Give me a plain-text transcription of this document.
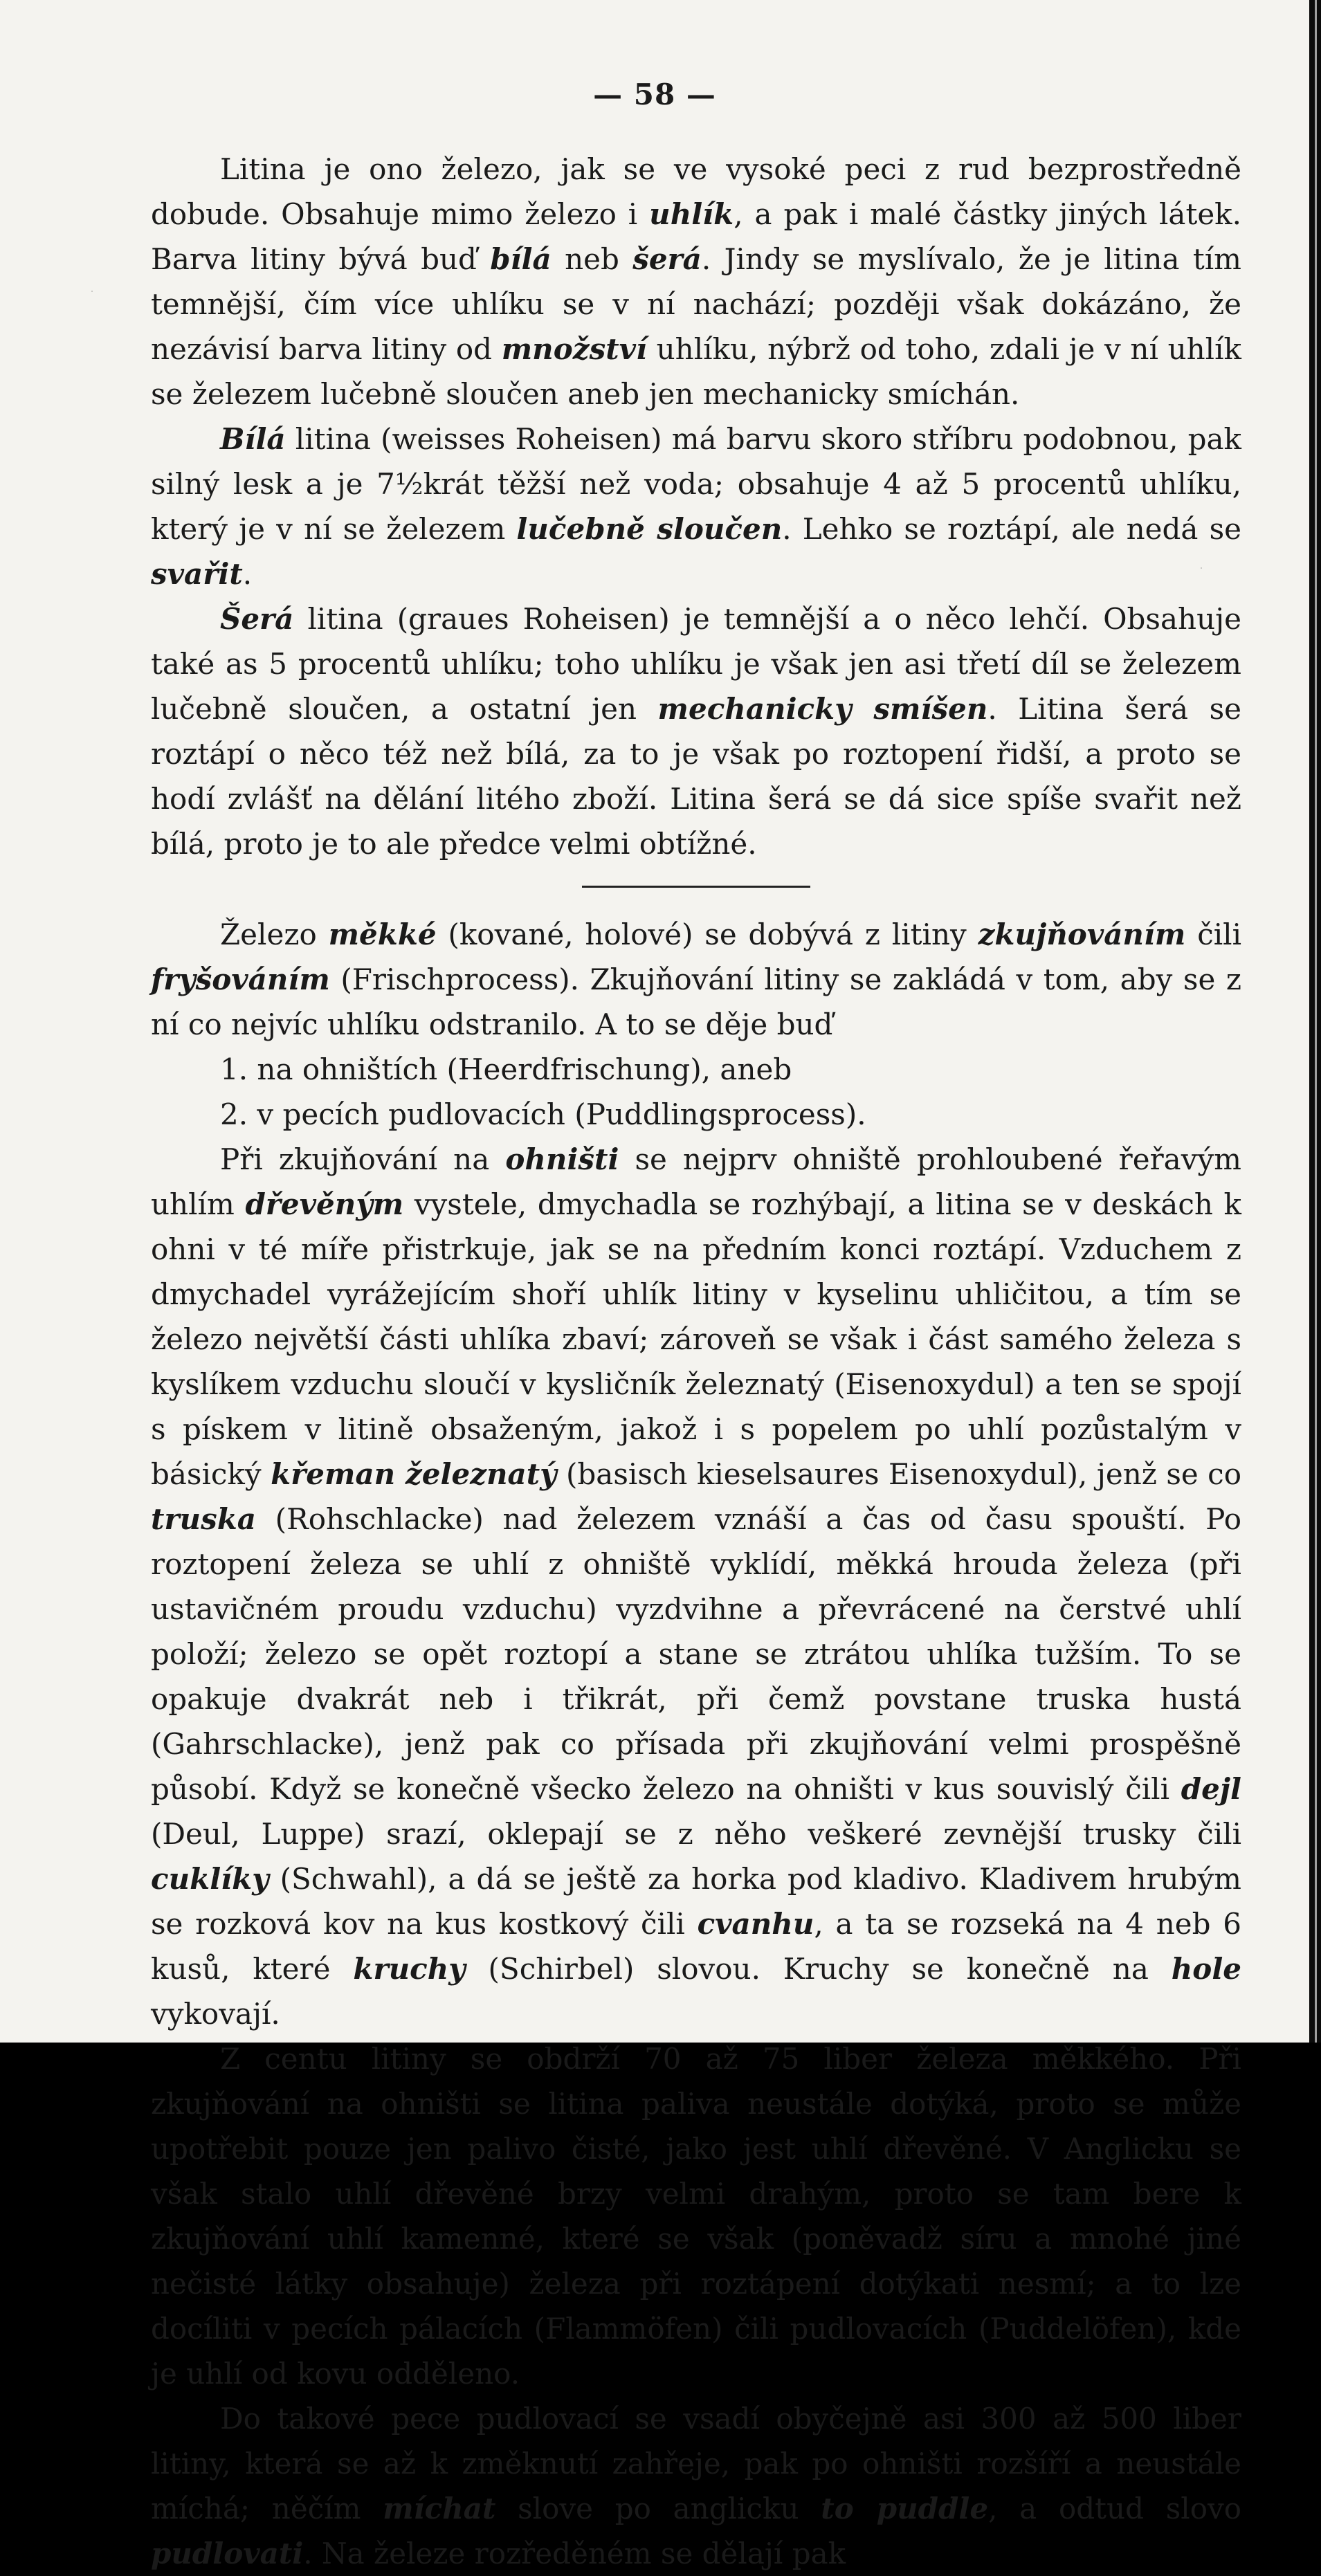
— 58 —

Litina je ono železo, jak se ve vysoké peci z rud bezprostředně dobude. Obsahuje mimo železo i uhlík, a pak i malé částky jiných látek. Barva litiny bývá buď bílá neb šerá. Jindy se myslívalo, že je litina tím temnější, čím více uhlíku se v ní nachází; později však dokázáno, že nezávisí barva litiny od množství uhlíku, nýbrž od toho, zdali je v ní uhlík se železem lučebně sloučen aneb jen mechanicky smíchán.

Bílá litina (weisses Roheisen) má barvu skoro stříbru podobnou, pak silný lesk a je 7½krát těžší než voda; obsahuje 4 až 5 procentů uhlíku, který je v ní se železem lučebně sloučen. Lehko se roztápí, ale nedá se svařit.

Šerá litina (graues Roheisen) je temnější a o něco lehčí. Obsahuje také as 5 procentů uhlíku; toho uhlíku je však jen asi třetí díl se železem lučebně sloučen, a ostatní jen mechanicky smíšen. Litina šerá se roztápí o něco též než bílá, za to je však po roztopení řidší, a proto se hodí zvlášť na dělání litého zboží. Litina šerá se dá sice spíše svařit než bílá, proto je to ale předce velmi obtížné.

Železo měkké (kované, holové) se dobývá z litiny zkujňováním čili fryšováním (Frischprocess). Zkujňování litiny se zakládá v tom, aby se z ní co nejvíc uhlíku odstranilo. A to se děje buď

1. na ohništích (Heerdfrischung), aneb
2. v pecích pudlovacích (Puddlingsprocess).

Při zkujňování na ohništi se nejprv ohniště prohloubené řeřavým uhlím dřevěným vystele, dmychadla se rozhýbají, a litina se v deskách k ohni v té míře přistrkuje, jak se na předním konci roztápí. Vzduchem z dmychadel vyrážejícím shoří uhlík litiny v kyselinu uhličitou, a tím se železo největší části uhlíka zbaví; zároveň se však i část samého železa s kyslíkem vzduchu sloučí v kysličník železnatý (Eisenoxydul) a ten se spojí s pískem v litině obsaženým, jakož i s popelem po uhlí pozůstalým v básický křeman železnatý (basisch kieselsaures Eisenoxydul), jenž se co truska (Rohschlacke) nad železem vznáší a čas od času spouští. Po roztopení železa se uhlí z ohniště vyklídí, měkká hrouda železa (při ustavičném proudu vzduchu) vyzdvihne a převrácené na čerstvé uhlí položí; železo se opět roztopí a stane se ztrátou uhlíka tužším. To se opakuje dvakrát neb i třikrát, při čemž povstane truska hustá (Gahrschlacke), jenž pak co přísada při zkujňování velmi prospěšně působí. Když se konečně všecko železo na ohništi v kus souvislý čili dejl (Deul, Luppe) srazí, oklepají se z něho veškeré zevnější trusky čili cuklíky (Schwahl), a dá se ještě za horka pod kladivo. Kladivem hrubým se rozková kov na kus kostkový čili cvanhu, a ta se rozseká na 4 neb 6 kusů, které kruchy (Schirbel) slovou. Kruchy se konečně na hole vykovají.

Z centu litiny se obdrží 70 až 75 liber železa měkkého. Při zkujňování na ohništi se litina paliva neustále dotýká, proto se může upotřebit pouze jen palivo čisté, jako jest uhlí dřevěné. V Anglicku se však stalo uhlí dřevěné brzy velmi drahým, proto se tam bere k zkujňování uhlí kamenné, které se však (poněvadž síru a mnohé jiné nečisté látky obsahuje) železa při roztápení dotýkati nesmí; a to lze docíliti v pecích pálacích (Flammöfen) čili pudlovacích (Puddelöfen), kde je uhlí od kovu odděleno.

Do takové pece pudlovací se vsadí obyčejně asi 300 až 500 liber litiny, která se až k změknutí zahřeje, pak po ohništi rozšíří a neustále míchá; něčím míchat slove po anglicku to puddle, a odtud slovo pudlovati. Na železe rozředěném se dělají pak
